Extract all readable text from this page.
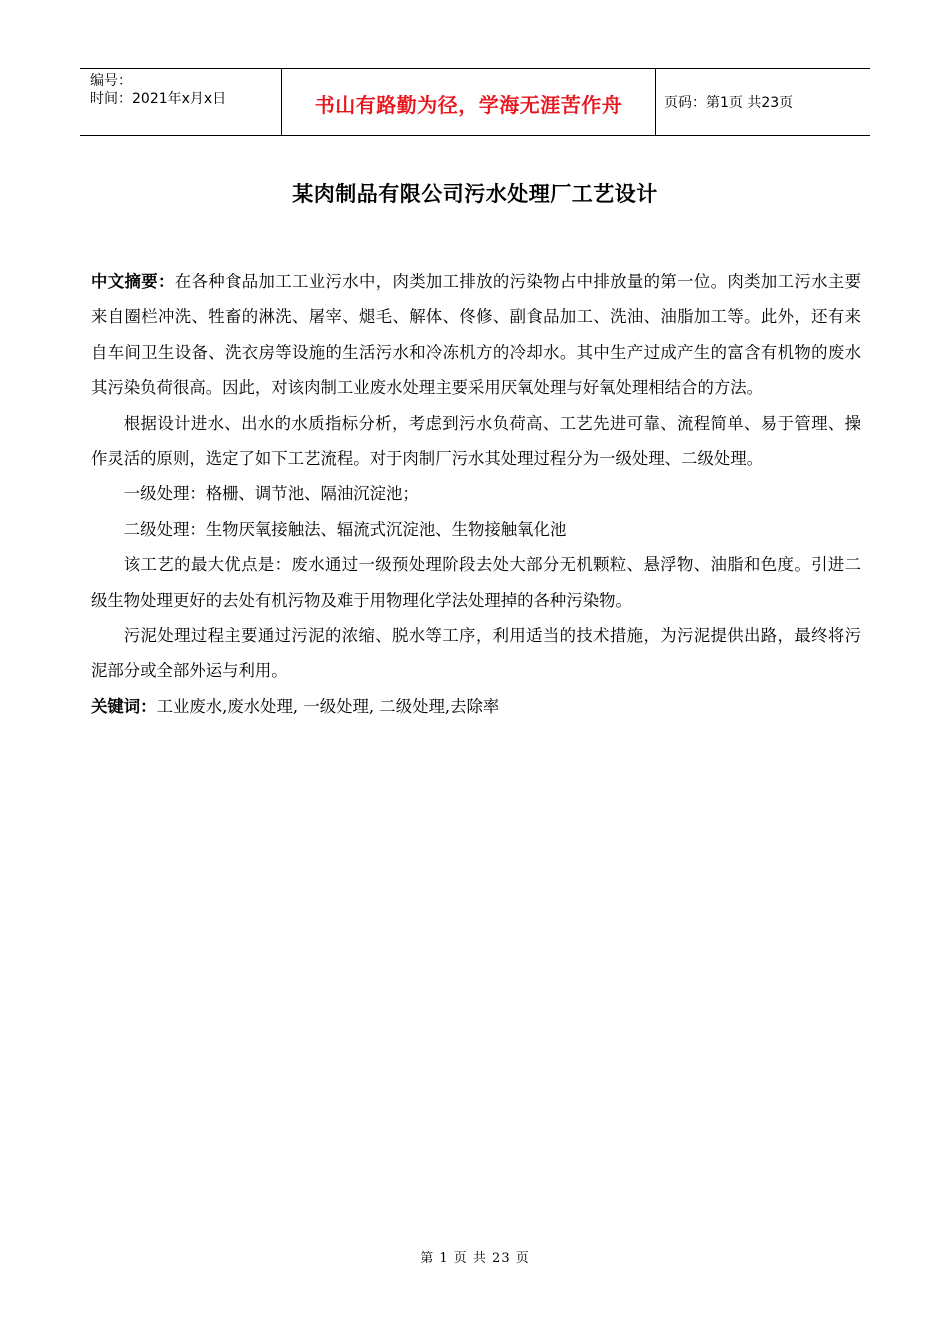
编号：
时间：2021年x月x日	书山有路勤为径，学海无涯苦作舟	页码：第1页 共23页
某肉制品有限公司污水处理厂工艺设计

中文摘要：在各种食品加工工业污水中，肉类加工排放的污染物占中排放量的第一位。肉类加工污水主要来自圈栏冲洗、牲畜的淋洗、屠宰、煺毛、解体、佟修、副食品加工、洗油、油脂加工等。此外，还有来自车间卫生设备、洗衣房等设施的生活污水和冷冻机方的冷却水。其中生产过成产生的富含有机物的废水其污染负荷很高。因此，对该肉制工业废水处理主要采用厌氧处理与好氧处理相结合的方法。

根据设计进水、出水的水质指标分析，考虑到污水负荷高、工艺先进可靠、流程简单、易于管理、操作灵活的原则，选定了如下工艺流程。对于肉制厂污水其处理过程分为一级处理、二级处理。

一级处理：格栅、调节池、隔油沉淀池；

二级处理：生物厌氧接触法、辐流式沉淀池、生物接触氧化池

该工艺的最大优点是：废水通过一级预处理阶段去处大部分无机颗粒、悬浮物、油脂和色度。引进二级生物处理更好的去处有机污物及难于用物理化学法处理掉的各种污染物。

污泥处理过程主要通过污泥的浓缩、脱水等工序，利用适当的技术措施，为污泥提供出路，最终将污泥部分或全部外运与利用。

关键词：工业废水,废水处理, 一级处理, 二级处理,去除率

第 1 页 共 23 页
